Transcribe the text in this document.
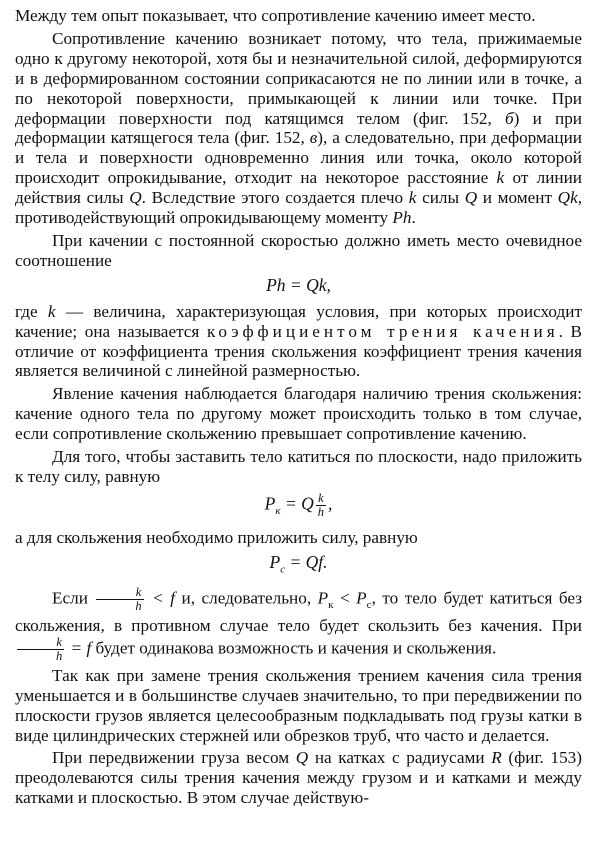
Между тем опыт показывает, что сопротивление качению имеет место.

Сопротивление качению возникает потому, что тела, прижимаемые одно к другому некоторой, хотя бы и незначительной силой, деформируются и в деформированном состоянии соприкасаются не по линии или в точке, а по некоторой поверхности, примыкающей к линии или точке. При деформации поверхности под катящимся телом (фиг. 152, б) и при деформации катящегося тела (фиг. 152, в), а следовательно, при деформации и тела и поверхности одновременно линия или точка, около которой происходит опрокидывание, отходит на некоторое расстояние k от линии действия силы Q. Вследствие этого создается плечо k силы Q и момент Qk, противодействующий опрокидывающему моменту Ph.

При качении с постоянной скоростью должно иметь место очевидное соотношение

Ph = Qk,

где k — величина, характеризующая условия, при которых происходит качение; она называется коэффициентом трения качения. В отличие от коэффициента трения скольжения коэффициент трения качения является величиной с линейной размерностью.

Явление качения наблюдается благодаря наличию трения скольжения: качение одного тела по другому может происходить только в том случае, если сопротивление скольжению превышает сопротивление качению.

Для того, чтобы заставить тело катиться по плоскости, надо приложить к телу силу, равную

$P_к = Q \frac{k}{h}$ ,

а для скольжения необходимо приложить силу, равную

$P_с = Qf$.

Если $\frac{k}{h} < f$ и, следовательно, $P_к < P_с$, то тело будет катиться без скольжения, в противном случае тело будет скользить без качения. При
$\frac{k}{h} = f$ будет одинакова возможность и качения и скольжения.

Так как при замене трения скольжения трением качения сила трения уменьшается и в большинстве случаев значительно, то при передвижении по плоскости грузов является целесообразным подкладывать под грузы катки в виде цилиндрических стержней или обрезков труб, что часто и делается.

При передвижении груза весом Q на катках с радиусами R (фиг. 153) преодолеваются силы трения качения между грузом и и катками и между катками и плоскостью. В этом случае действую-
